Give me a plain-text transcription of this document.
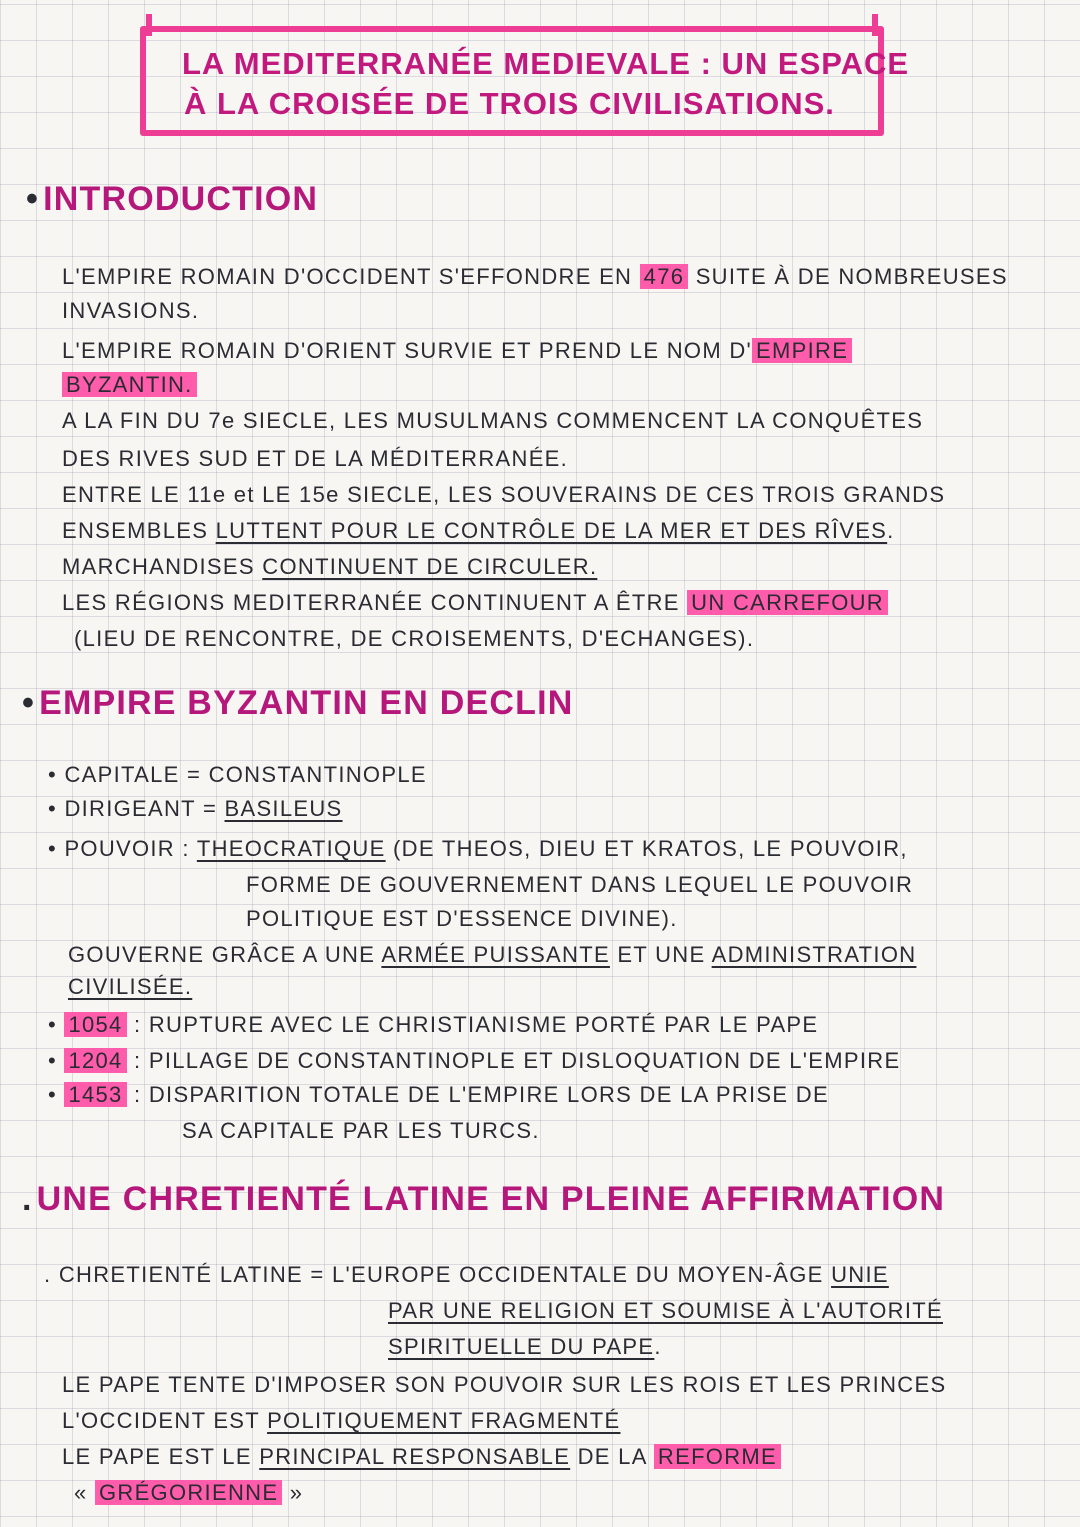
LA MEDITERRANÉE MEDIEVALE : UN ESPACE
À LA CROISÉE DE TROIS CIVILISATIONS.
• INTRODUCTION
L'EMPIRE ROMAIN D'OCCIDENT S'EFFONDRE EN 476 SUITE À DE NOMBREUSES
INVASIONS.
L'EMPIRE ROMAIN D'ORIENT SURVIE ET PREND LE NOM D' EMPIRE
BYZANTIN.
A LA FIN DU 7e SIECLE, LES MUSULMANS COMMENCENT LA CONQUÊTES
DES RIVES SUD ET DE LA MÉDITERRANÉE.
ENTRE LE 11e et LE 15e SIECLE, LES SOUVERAINS DE CES TROIS GRANDS
ENSEMBLES LUTTENT POUR LE CONTRÔLE DE LA MER ET DES RÎVES.
MARCHANDISES CONTINUENT DE CIRCULER.
LES RÉGIONS MEDITERRANÉE CONTINUENT A ÊTRE UN CARREFOUR
(LIEU DE RENCONTRE, DE CROISEMENTS, D'ECHANGES).
• EMPIRE BYZANTIN EN DECLIN
• CAPITALE = CONSTANTINOPLE
• DIRIGEANT = BASILEUS
• POUVOIR : THEOCRATIQUE (DE THEOS, DIEU ET KRATOS, LE POUVOIR,
FORME DE GOUVERNEMENT DANS LEQUEL LE POUVOIR
POLITIQUE EST D'ESSENCE DIVINE).
GOUVERNE GRÂCE A UNE ARMÉE PUISSANTE ET UNE ADMINISTRATION
CIVILISÉE.
• 1054 : RUPTURE AVEC LE CHRISTIANISME PORTÉ PAR LE PAPE
• 1204 : PILLAGE DE CONSTANTINOPLE ET DISLOQUATION DE L'EMPIRE
• 1453 : DISPARITION TOTALE DE L'EMPIRE LORS DE LA PRISE DE
SA CAPITALE PAR LES TURCS.
. UNE CHRETIENTÉ LATINE EN PLEINE AFFIRMATION
. CHRETIENTÉ LATINE = L'EUROPE OCCIDENTALE DU MOYEN-ÂGE UNIE
PAR UNE RELIGION ET SOUMISE À L'AUTORITÉ
SPIRITUELLE DU PAPE.
LE PAPE TENTE D'IMPOSER SON POUVOIR SUR LES ROIS ET LES PRINCES
L'OCCIDENT EST POLITIQUEMENT FRAGMENTÉ
LE PAPE EST LE PRINCIPAL RESPONSABLE DE LA REFORME
« GRÉGORIENNE »
